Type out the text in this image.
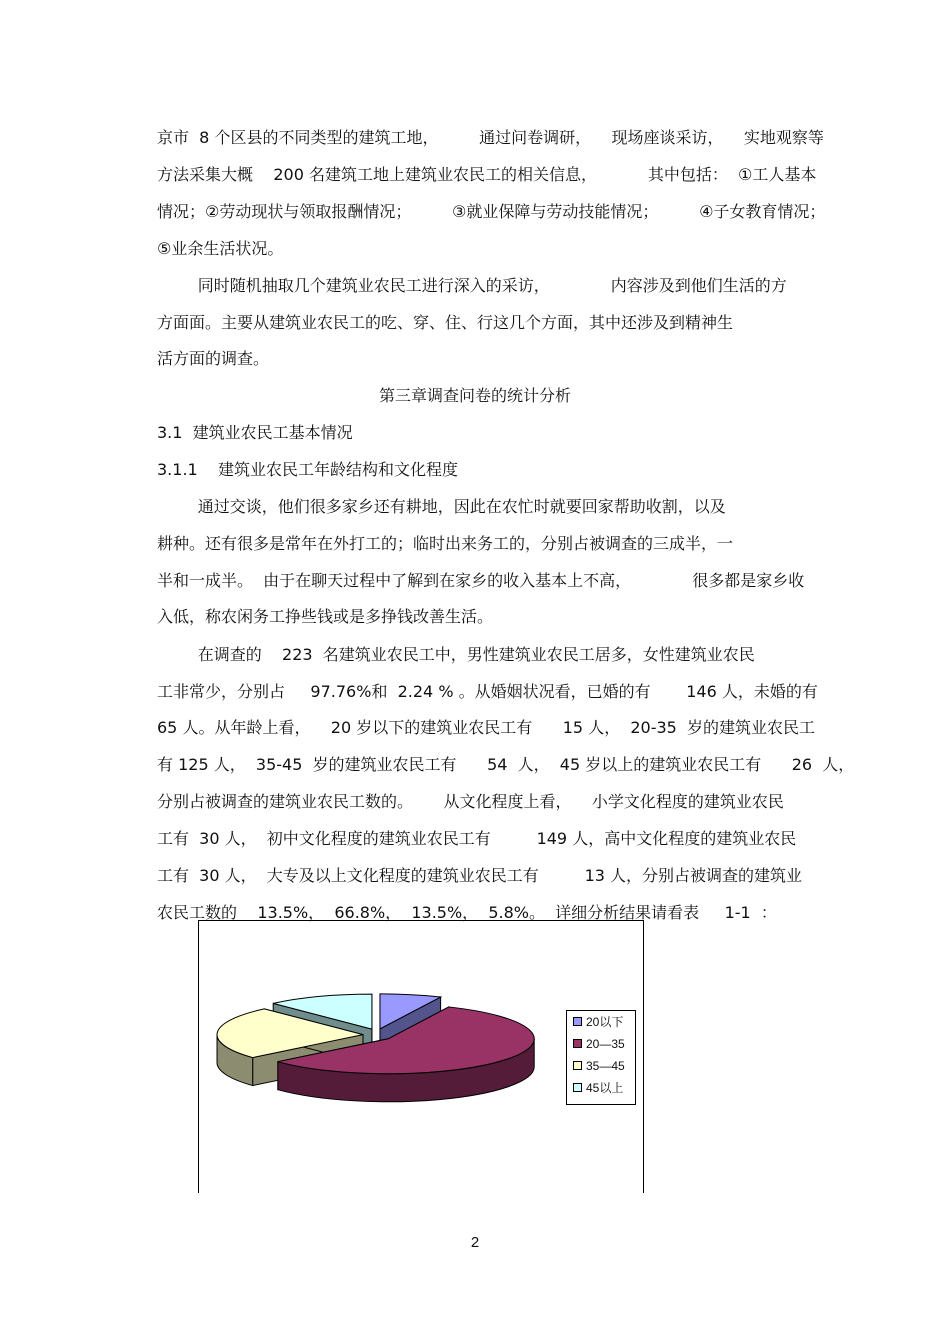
京市  8 个区县的不同类型的建筑工地，        通过问卷调研，    现场座谈采访，    实地观察等
方法采集大概    200 名建筑工地上建筑业农民工的相关信息，          其中包括：  ①工人基本
情况；②劳动现状与领取报酬情况；        ③就业保障与劳动技能情况；        ④子女教育情况；
⑤业余生活状况。
同时随机抽取几个建筑业农民工进行深入的采访，            内容涉及到他们生活的方
方面面。主要从建筑业农民工的吃、穿、住、行这几个方面，其中还涉及到精神生
活方面的调查。
第三章调查问卷的统计分析
3.1  建筑业农民工基本情况
3.1.1    建筑业农民工年龄结构和文化程度
通过交谈，他们很多家乡还有耕地，因此在农忙时就要回家帮助收割，以及
耕种。还有很多是常年在外打工的；临时出来务工的，分别占被调查的三成半，一
半和一成半。  由于在聊天过程中了解到在家乡的收入基本上不高，            很多都是家乡收
入低，称农闲务工挣些钱或是多挣钱改善生活。
在调查的    223  名建筑业农民工中，男性建筑业农民工居多，女性建筑业农民
工非常少，分别占     97.76%和  2.24 % 。从婚姻状况看，已婚的有       146 人，未婚的有
65 人。从年龄上看，    20 岁以下的建筑业农民工有      15 人，  20-35  岁的建筑业农民工
有 125 人，  35-45  岁的建筑业农民工有      54  人，  45 岁以上的建筑业农民工有      26  人，
分别占被调查的建筑业农民工数的。      从文化程度上看，    小学文化程度的建筑业农民
工有  30 人，  初中文化程度的建筑业农民工有         149 人，高中文化程度的建筑业农民
工有  30 人，  大专及以上文化程度的建筑业农民工有         13 人，分别占被调查的建筑业
农民工数的    13.5%，  66.8%，  13.5%，  5.8%。  详细分析结果请看表     1-1  ：
20以下
20—35
35—45
45以上
2
